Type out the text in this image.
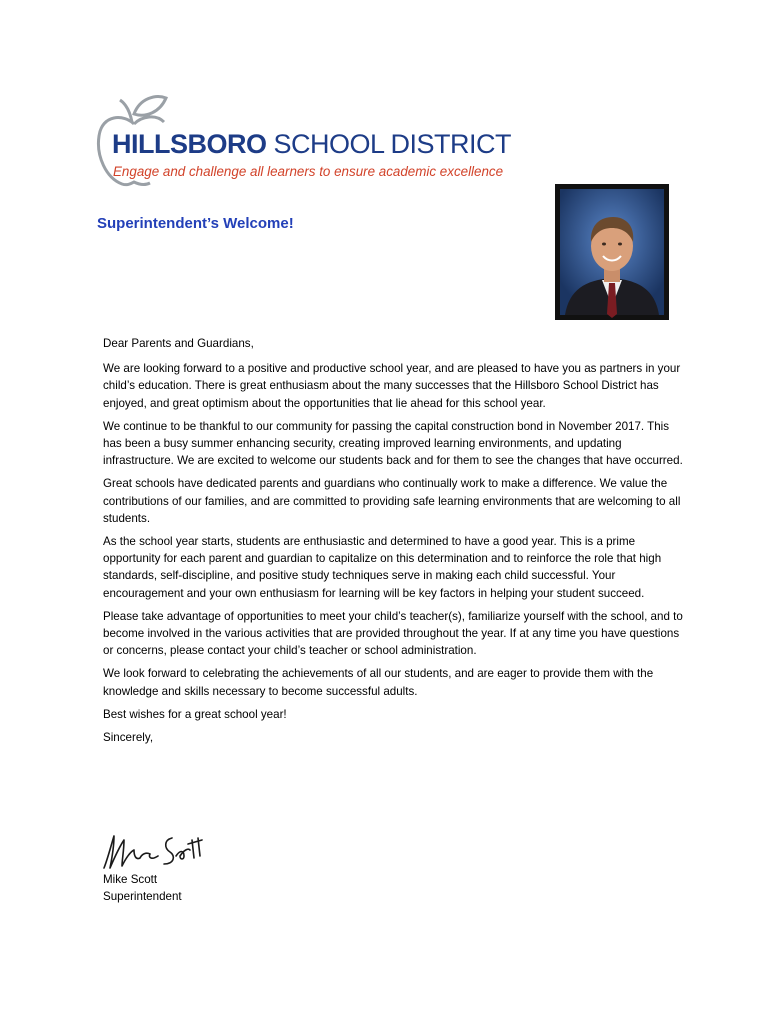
HILLSBORO SCHOOL DISTRICT
Engage and challenge all learners to ensure academic excellence
Superintendent’s Welcome!

Dear Parents and Guardians,

We are looking forward to a positive and productive school year, and are pleased to have you as partners in your child’s education. There is great enthusiasm about the many successes that the Hillsboro School District has enjoyed, and great optimism about the opportunities that lie ahead for this school year.

We continue to be thankful to our community for passing the capital construction bond in November 2017. This has been a busy summer enhancing security, creating improved learning environments, and updating infrastructure. We are excited to welcome our students back and for them to see the changes that have occurred.

Great schools have dedicated parents and guardians who continually work to make a difference. We value the contributions of our families, and are committed to providing safe learning environments that are welcoming to all students.

As the school year starts, students are enthusiastic and determined to have a good year. This is a prime opportunity for each parent and guardian to capitalize on this determination and to reinforce the role that high standards, self-discipline, and positive study techniques serve in making each child successful. Your encouragement and your own enthusiasm for learning will be key factors in helping your student succeed.

Please take advantage of opportunities to meet your child’s teacher(s), familiarize yourself with the school, and to become involved in the various activities that are provided throughout the year. If at any time you have questions or concerns, please contact your child’s teacher or school administration.

We look forward to celebrating the achievements of all our students, and are eager to provide them with the knowledge and skills necessary to become successful adults.

Best wishes for a great school year!

Sincerely,

Mike Scott
Superintendent
